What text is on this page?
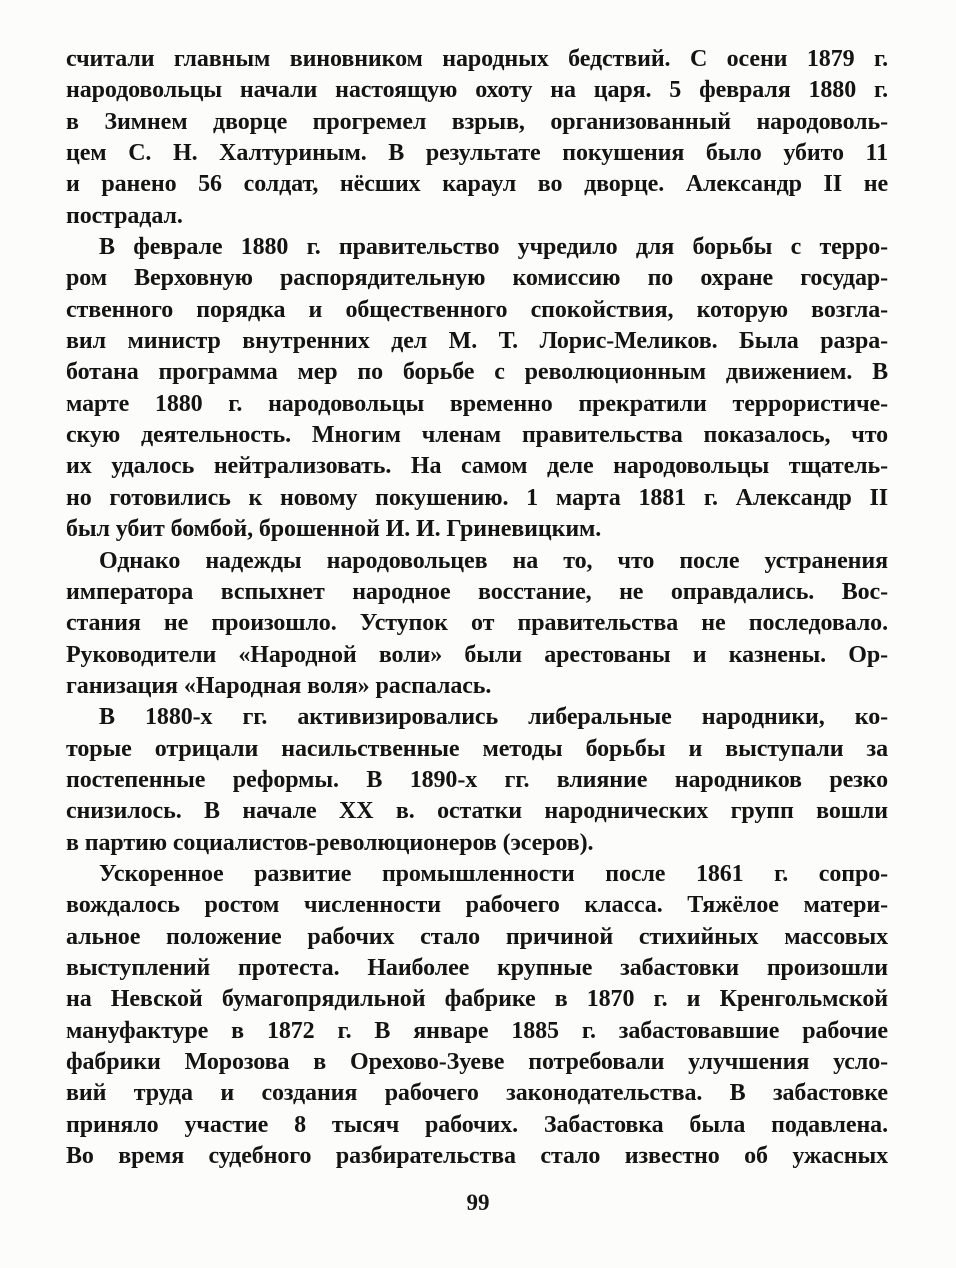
считали главным виновником народных бедствий. С осени 1879 г.
народовольцы начали настоящую охоту на царя. 5 февраля 1880 г.
в Зимнем дворце прогремел взрыв, организованный народоволь-
цем С. Н. Халтуриным. В результате покушения было убито 11
и ранено 56 солдат, нёсших караул во дворце. Александр II не
пострадал.
В феврале 1880 г. правительство учредило для борьбы с терро-
ром Верховную распорядительную комиссию по охране государ-
ственного порядка и общественного спокойствия, которую возгла-
вил министр внутренних дел М. Т. Лорис-Меликов. Была разра-
ботана программа мер по борьбе с революционным движением. В
марте 1880 г. народовольцы временно прекратили террористиче-
скую деятельность. Многим членам правительства показалось, что
их удалось нейтрализовать. На самом деле народовольцы тщатель-
но готовились к новому покушению. 1 марта 1881 г. Александр II
был убит бомбой, брошенной И. И. Гриневицким.
Однако надежды народовольцев на то, что после устранения
императора вспыхнет народное восстание, не оправдались. Вос-
стания не произошло. Уступок от правительства не последовало.
Руководители «Народной воли» были арестованы и казнены. Ор-
ганизация «Народная воля» распалась.
В 1880-х гг. активизировались либеральные народники, ко-
торые отрицали насильственные методы борьбы и выступали за
постепенные реформы. В 1890-х гг. влияние народников резко
снизилось. В начале XX в. остатки народнических групп вошли
в партию социалистов-революционеров (эсеров).
Ускоренное развитие промышленности после 1861 г. сопро-
вождалось ростом численности рабочего класса. Тяжёлое матери-
альное положение рабочих стало причиной стихийных массовых
выступлений протеста. Наиболее крупные забастовки произошли
на Невской бумагопрядильной фабрике в 1870 г. и Кренгольмской
мануфактуре в 1872 г. В январе 1885 г. забастовавшие рабочие
фабрики Морозова в Орехово-Зуеве потребовали улучшения усло-
вий труда и создания рабочего законодательства. В забастовке
приняло участие 8 тысяч рабочих. Забастовка была подавлена.
Во время судебного разбирательства стало известно об ужасных
99
